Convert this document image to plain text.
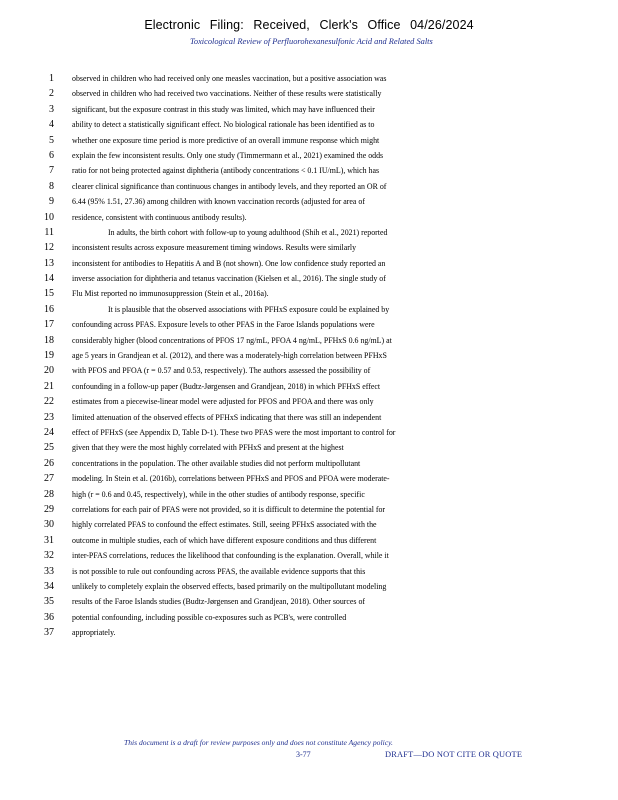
Electronic Filing: Received, Clerk's Office 04/26/2024
Toxicological Review of Perfluorohexanesulfonic Acid and Related Salts
1 observed in children who had received only one measles vaccination, but a positive association was
2 observed in children who had received two vaccinations. Neither of these results were statistically
3 significant, but the exposure contrast in this study was limited, which may have influenced their
4 ability to detect a statistically significant effect. No biological rationale has been identified as to
5 whether one exposure time period is more predictive of an overall immune response which might
6 explain the few inconsistent results. Only one study (Timmermann et al., 2021) examined the odds
7 ratio for not being protected against diphtheria (antibody concentrations < 0.1 IU/mL), which has
8 clearer clinical significance than continuous changes in antibody levels, and they reported an OR of
9 6.44 (95% 1.51, 27.36) among children with known vaccination records (adjusted for area of
10 residence, consistent with continuous antibody results).
11	In adults, the birth cohort with follow-up to young adulthood (Shih et al., 2021) reported
12 inconsistent results across exposure measurement timing windows. Results were similarly
13 inconsistent for antibodies to Hepatitis A and B (not shown). One low confidence study reported an
14 inverse association for diphtheria and tetanus vaccination (Kielsen et al., 2016). The single study of
15 Flu Mist reported no immunosuppression (Stein et al., 2016a).
16	It is plausible that the observed associations with PFHxS exposure could be explained by
17 confounding across PFAS. Exposure levels to other PFAS in the Faroe Islands populations were
18 considerably higher (blood concentrations of PFOS 17 ng/mL, PFOA 4 ng/mL, PFHxS 0.6 ng/mL) at
19 age 5 years in Grandjean et al. (2012), and there was a moderately-high correlation between PFHxS
20 with PFOS and PFOA (r = 0.57 and 0.53, respectively). The authors assessed the possibility of
21 confounding in a follow-up paper (Budtz-Jørgensen and Grandjean, 2018) in which PFHxS effect
22 estimates from a piecewise-linear model were adjusted for PFOS and PFOA and there was only
23 limited attenuation of the observed effects of PFHxS indicating that there was still an independent
24 effect of PFHxS (see Appendix D, Table D-1). These two PFAS were the most important to control for
25 given that they were the most highly correlated with PFHxS and present at the highest
26 concentrations in the population. The other available studies did not perform multipollutant
27 modeling. In Stein et al. (2016b), correlations between PFHxS and PFOS and PFOA were moderate-
28 high (r = 0.6 and 0.45, respectively), while in the other studies of antibody response, specific
29 correlations for each pair of PFAS were not provided, so it is difficult to determine the potential for
30 highly correlated PFAS to confound the effect estimates. Still, seeing PFHxS associated with the
31 outcome in multiple studies, each of which have different exposure conditions and thus different
32 inter-PFAS correlations, reduces the likelihood that confounding is the explanation. Overall, while it
33 is not possible to rule out confounding across PFAS, the available evidence supports that this
34 unlikely to completely explain the observed effects, based primarily on the multipollutant modeling
35 results of the Faroe Islands studies (Budtz-Jørgensen and Grandjean, 2018). Other sources of
36 potential confounding, including possible co-exposures such as PCB's, were controlled
37 appropriately.
This document is a draft for review purposes only and does not constitute Agency policy.
3-77	DRAFT—DO NOT CITE OR QUOTE
